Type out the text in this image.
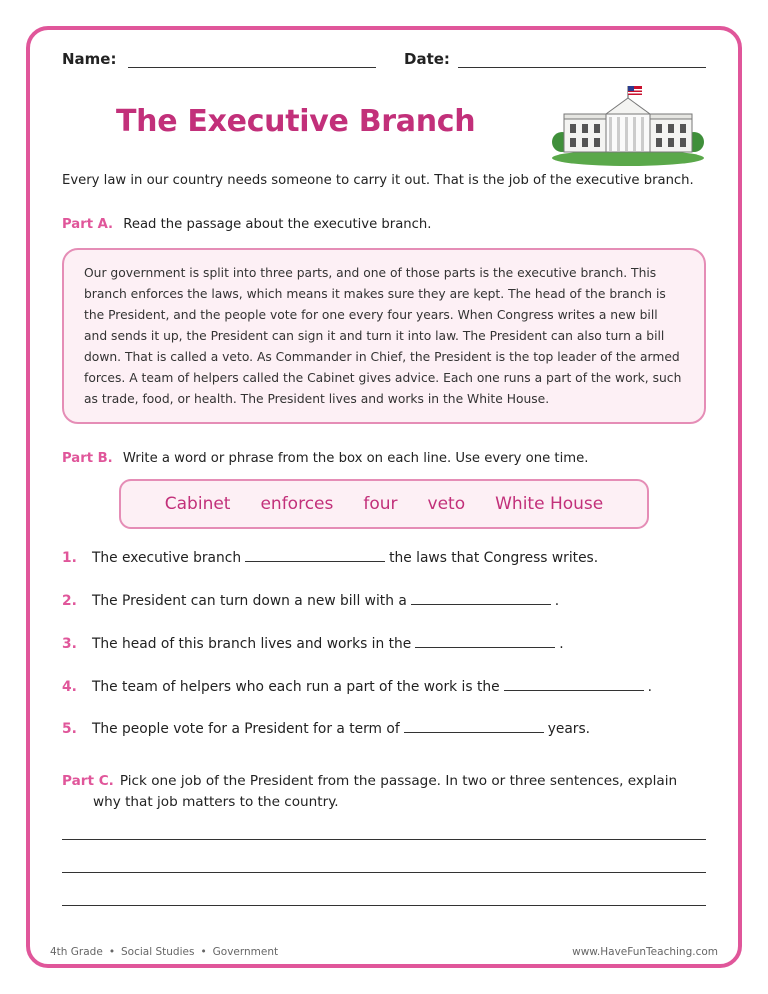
Name:	Date:
The Executive Branch
Every law in our country needs someone to carry it out. That is the job of the executive branch.
Part A. Read the passage about the executive branch.

Our government is split into three parts, and one of those parts is the executive branch. This branch enforces the laws, which means it makes sure they are kept. The head of the branch is the President, and the people vote for one every four years. When Congress writes a new bill and sends it up, the President can sign it and turn it into law. The President can also turn a bill down. That is called a veto. As Commander in Chief, the President is the top leader of the armed forces. A team of helpers called the Cabinet gives advice. Each one runs a part of the work, such as trade, food, or health. The President lives and works in the White House.

Part B. Write a word or phrase from the box on each line. Use every one time.
Cabinet enforces four veto White House
1. The executive branch	the laws that Congress writes.
2. The President can turn down a new bill with a	.
3. The head of this branch lives and works in the	.
4. The team of helpers who each run a part of the work is the	.
5. The people vote for a President for a term of	years.
Part C. Pick one job of the President from the passage. In two or three sentences, explain
why that job matters to the country.
4th Grade • Social Studies • Government	www.HaveFunTeaching.com
